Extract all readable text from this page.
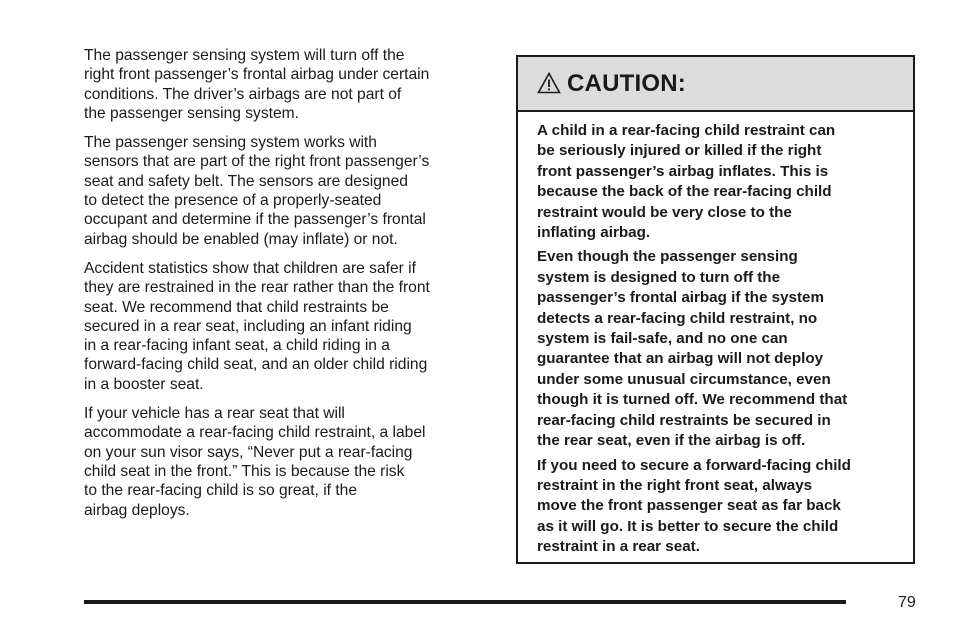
The passenger sensing system will turn off the
right front passenger’s frontal airbag under certain
conditions. The driver’s airbags are not part of
the passenger sensing system.

The passenger sensing system works with
sensors that are part of the right front passenger’s
seat and safety belt. The sensors are designed
to detect the presence of a properly-seated
occupant and determine if the passenger’s frontal
airbag should be enabled (may inflate) or not.

Accident statistics show that children are safer if
they are restrained in the rear rather than the front
seat. We recommend that child restraints be
secured in a rear seat, including an infant riding
in a rear-facing infant seat, a child riding in a
forward-facing child seat, and an older child riding
in a booster seat.

If your vehicle has a rear seat that will
accommodate a rear-facing child restraint, a label
on your sun visor says, “Never put a rear-facing
child seat in the front.” This is because the risk
to the rear-facing child is so great, if the
airbag deploys.

CAUTION:

A child in a rear-facing child restraint can
be seriously injured or killed if the right
front passenger’s airbag inflates. This is
because the back of the rear-facing child
restraint would be very close to the
inflating airbag.

Even though the passenger sensing
system is designed to turn off the
passenger’s frontal airbag if the system
detects a rear-facing child restraint, no
system is fail-safe, and no one can
guarantee that an airbag will not deploy
under some unusual circumstance, even
though it is turned off. We recommend that
rear-facing child restraints be secured in
the rear seat, even if the airbag is off.

If you need to secure a forward-facing child
restraint in the right front seat, always
move the front passenger seat as far back
as it will go. It is better to secure the child
restraint in a rear seat.

79
